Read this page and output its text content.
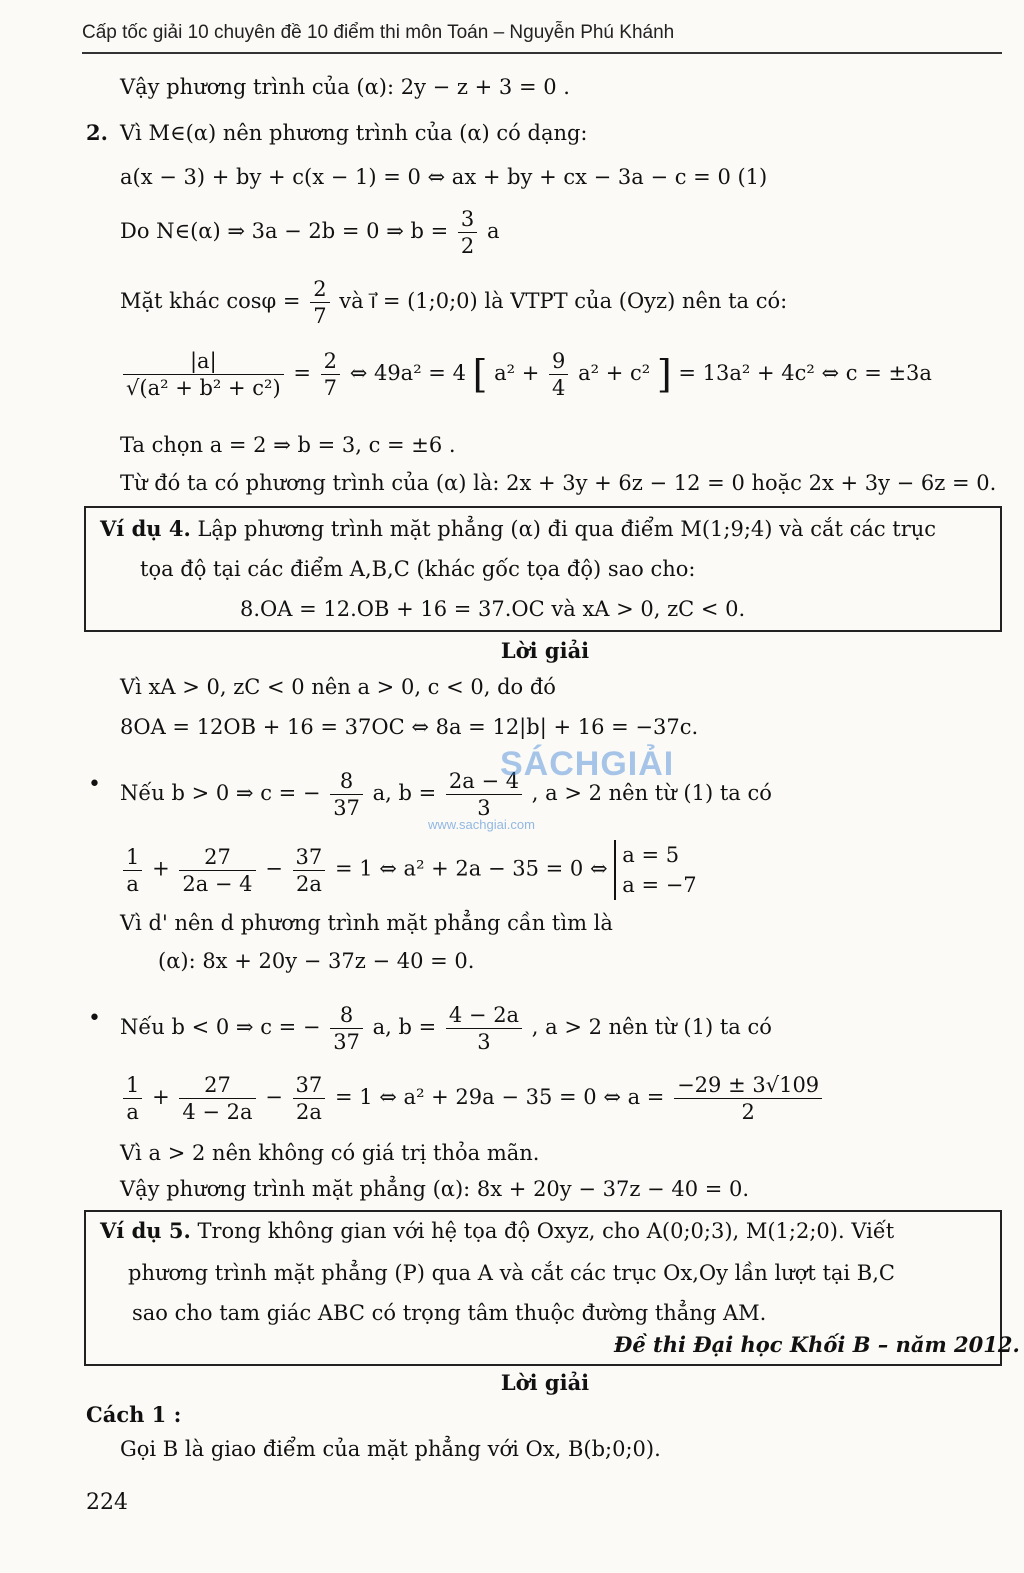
Cấp tốc giải 10 chuyên đề 10 điểm thi môn Toán – Nguyễn Phú Khánh
Vậy phương trình của (α): 2y − z + 3 = 0 .
2. Vì M∈(α) nên phương trình của (α) có dạng:
a(x − 3) + by + c(x − 1) = 0 ⇔ ax + by + cx − 3a − c = 0 (1)
Do N∈(α) ⇒ 3a − 2b = 0 ⇒ $b = \frac{3}{2}$ a
Mặt khác $\cos\varphi = \frac{2}{7}$ và i⃗ = (1;0;0) là VTPT của (Oyz) nên ta có:
$\frac{|a|}{\text{√(a² + b² + c²)}} = \frac{2}{7}$ ⇔ 49a² = 4 [ $a^2 + \frac{9}{4} a^2 + c^2$ ] = 13a² + 4c² ⇔ c = ±3a
Ta chọn a = 2 ⇒ b = 3, c = ±6 .
Từ đó ta có phương trình của (α) là: 2x + 3y + 6z − 12 = 0 hoặc 2x + 3y − 6z = 0.
Ví dụ 4. Lập phương trình mặt phẳng (α) đi qua điểm M(1;9;4) và cắt các trục
tọa độ tại các điểm A,B,C (khác gốc tọa độ) sao cho:
8.OA = 12.OB + 16 = 37.OC và xA > 0, zC < 0.
Lời giải
Vì xA > 0, zC < 0 nên a > 0, c < 0, do đó
8OA = 12OB + 16 = 37OC ⇔ 8a = 12|b| + 16 = −37c.
• Nếu b > 0 ⇒ c = − $\frac{8}{37} a$, $b = \frac{2a - 4}{3}$ , a > 2 nên từ (1) ta có
$\frac{1}{a} + \frac{27}{2a - 4} - \frac{37}{2a} = 1$ ⇔ a² + 2a − 35 = 0 ⇔
a = 5
a = −7
Vì d' nên d phương trình mặt phẳng cần tìm là
(α): 8x + 20y − 37z − 40 = 0.
• Nếu b < 0 ⇒ c = − $\frac{8}{37} a$, $b = \frac{4 - 2a}{3}$ , a > 2 nên từ (1) ta có
$\frac{1}{a} + \frac{27}{4 - 2a} - \frac{37}{2a} = 1$ ⇔ a² + 29a − 35 = 0 ⇔ $a = \frac{-29 \pm 3√109}{2}$
Vì a > 2 nên không có giá trị thỏa mãn.
Vậy phương trình mặt phẳng (α): 8x + 20y − 37z − 40 = 0.
Ví dụ 5. Trong không gian với hệ tọa độ Oxyz, cho A(0;0;3), M(1;2;0). Viết
phương trình mặt phẳng (P) qua A và cắt các trục Ox,Oy lần lượt tại B,C
sao cho tam giác ABC có trọng tâm thuộc đường thẳng AM.
Đề thi Đại học Khối B – năm 2012.
Lời giải
Cách 1 :
Gọi B là giao điểm của mặt phẳng với Ox, B(b;0;0).
SÁCHGIẢI
www.sachgiai.com
224
